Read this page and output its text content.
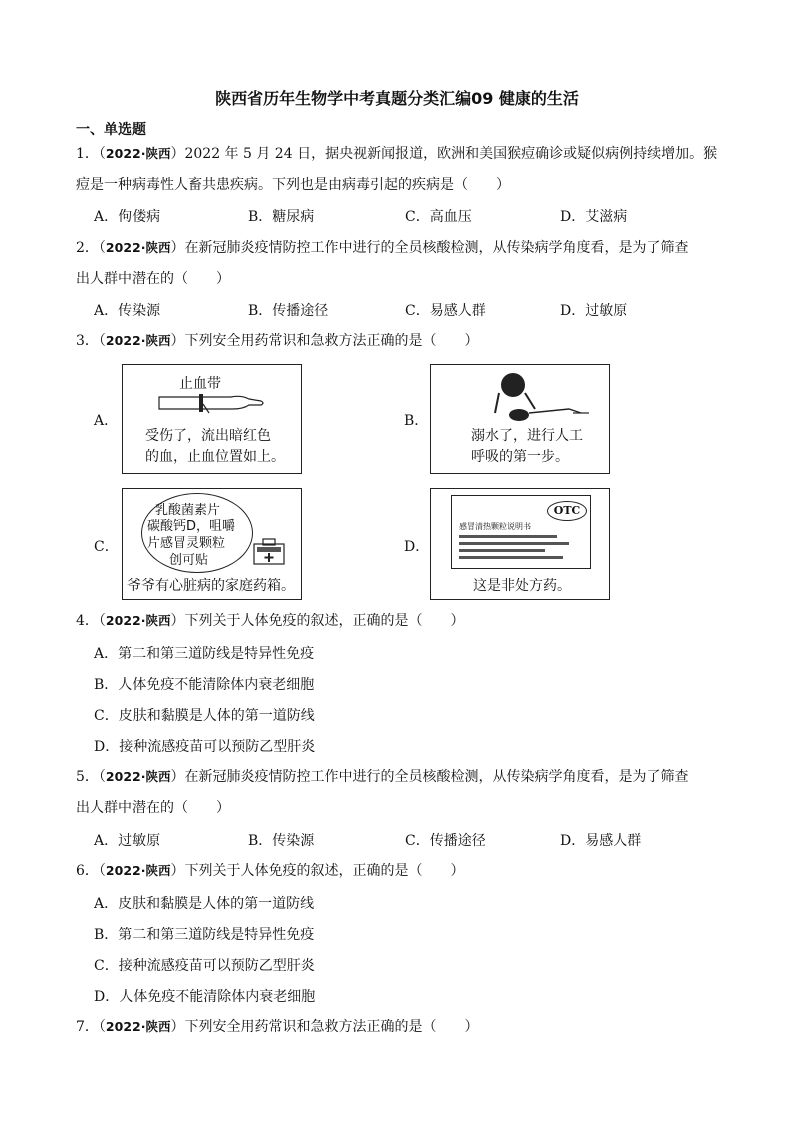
陕西省历年生物学中考真题分类汇编09 健康的生活
一、单选题
1．（2022·陕西）2022 年 5 月 24 日，据央视新闻报道，欧洲和美国猴痘确诊或疑似病例持续增加。猴
痘是一种病毒性人畜共患疾病。下列也是由病毒引起的疾病是（　　）
A．佝偻病	B．糖尿病	C．高血压	D．艾滋病
2．（2022·陕西）在新冠肺炎疫情防控工作中进行的全员核酸检测，从传染病学角度看，是为了筛查
出人群中潜在的（　　）
A．传染源	B．传播途径	C．易感人群	D．过敏原
3．（2022·陕西）下列安全用药常识和急救方法正确的是（　　）
A．
止血带
受伤了，流出暗红色
的血，止血位置如上。
B．
溺水了，进行人工
呼吸的第一步。
C．
乳酸菌素片
碳酸钙D，咀嚼
片感冒灵颗粒
创可贴
爷爷有心脏病的家庭药箱。
D．
OTC
感冒清热颗粒说明书
这是非处方药。
4．（2022·陕西）下列关于人体免疫的叙述，正确的是（　　）
A．第二和第三道防线是特异性免疫
B．人体免疫不能清除体内衰老细胞
C．皮肤和黏膜是人体的第一道防线
D．接种流感疫苗可以预防乙型肝炎
5．（2022·陕西）在新冠肺炎疫情防控工作中进行的全员核酸检测，从传染病学角度看，是为了筛查
出人群中潜在的（　　）
A．过敏原	B．传染源	C．传播途径	D．易感人群
6．（2022·陕西）下列关于人体免疫的叙述，正确的是（　　）
A．皮肤和黏膜是人体的第一道防线
B．第二和第三道防线是特异性免疫
C．接种流感疫苗可以预防乙型肝炎
D．人体免疫不能清除体内衰老细胞
7．（2022·陕西）下列安全用药常识和急救方法正确的是（　　）
